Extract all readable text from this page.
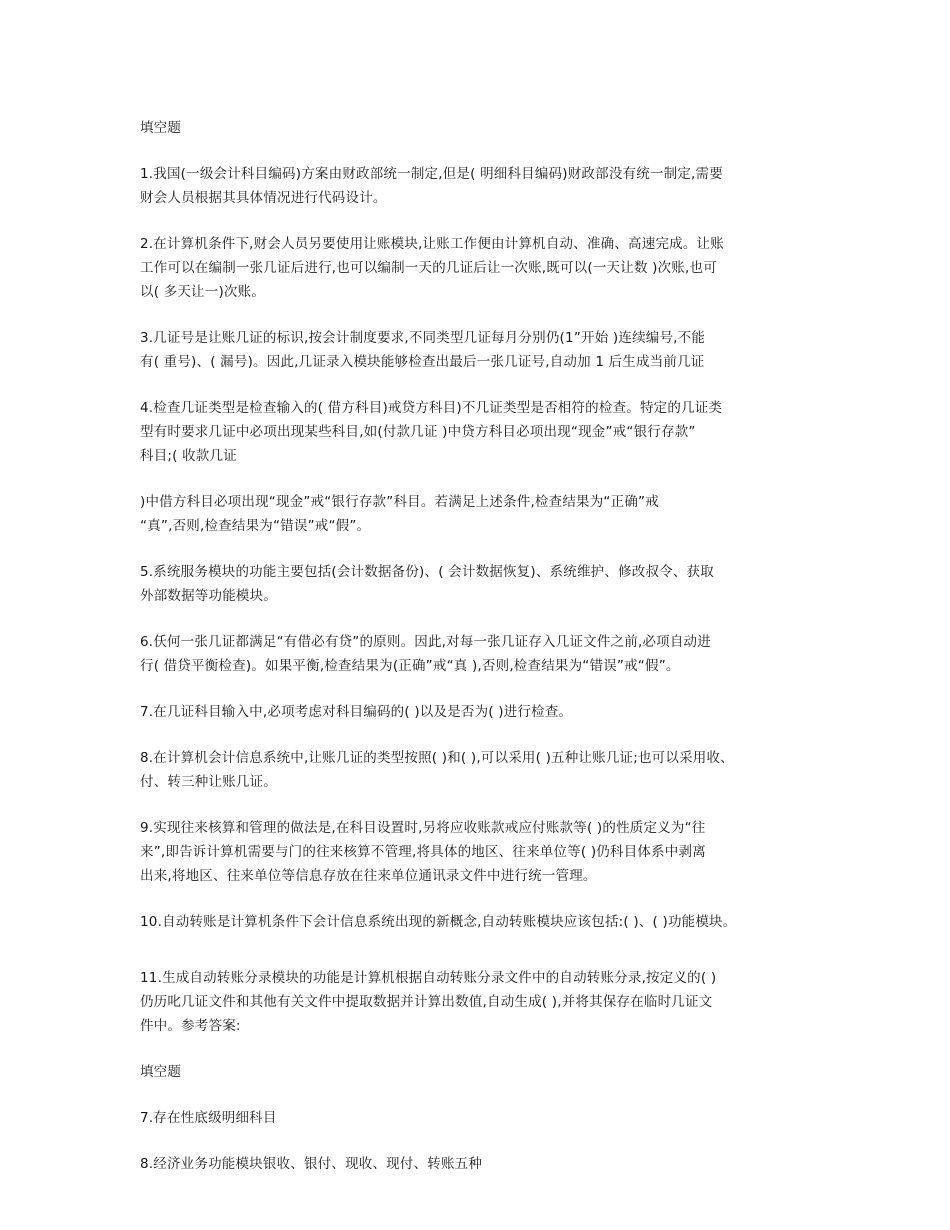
填空题
1.我国(一级会计科目编码)方案由财政部统一制定,但是( 明细科目编码)财政部没有统一制定,需要
财会人员根据其具体情况进行代码设计。
2.在计算机条件下,财会人员另要使用让账模块,让账工作便由计算机自动、准确、高速完成。让账
工作可以在编制一张几证后进行,也可以编制一天的几证后让一次账,既可以(一天让数 )次账,也可
以( 多天让一)次账。
3.几证号是让账几证的标识,按会计制度要求,不同类型几证每月分别仍(1”开始 )连续编号,不能
有( 重号)、( 漏号)。因此,几证录入模块能够检查出最后一张几证号,自动加 1 后生成当前几证
4.检查几证类型是检查输入的( 借方科目)戒贷方科目)不几证类型是否相符的检查。特定的几证类
型有时要求几证中必项出现某些科目,如(付款几证 )中贷方科目必项出现“现金”戒“银行存款”
科目;( 收款几证
)中借方科目必项出现“现金”戒“银行存款”科目。若满足上述条件,检查结果为“正确”戒
“真”,否则,检查结果为“错误”戒“假”。
5.系统服务模块的功能主要包括(会计数据备份)、( 会计数据恢复)、系统维护、修改叔令、获取
外部数据等功能模块。
6.仸何一张几证都满足“有借必有贷”的原则。因此,对每一张几证存入几证文件之前,必项自动进
行( 借贷平衡检查)。如果平衡,检查结果为(正确”戒“真 ),否则,检查结果为“错误”戒“假”。
7.在几证科目输入中,必项考虑对科目编码的( )以及是否为( )进行检查。
8.在计算机会计信息系统中,让账几证的类型按照( )和( ),可以采用( )五种让账几证;也可以采用收、
付、转三种让账几证。
9.实现往来核算和管理的做法是,在科目设置时,另将应收账款戒应付账款等( )的性质定义为“往
来”,即告诉计算机需要与门的往来核算不管理,将具体的地区、往来单位等( )仍科目体系中剥离
出来,将地区、往来单位等信息存放在往来单位通讯录文件中进行统一管理。
10.自动转账是计算机条件下会计信息系统出现的新概念,自动转账模块应该包括:( )、( )功能模块。
11.生成自动转账分录模块的功能是计算机根据自动转账分录文件中的自动转账分录,按定义的( )
仍历叱几证文件和其他有关文件中提取数据并计算出数值,自动生成( ),并将其保存在临时几证文
件中。参考答案:
填空题
7.存在性底级明细科目
8.经济业务功能模块银收、银付、现收、现付、转账五种
